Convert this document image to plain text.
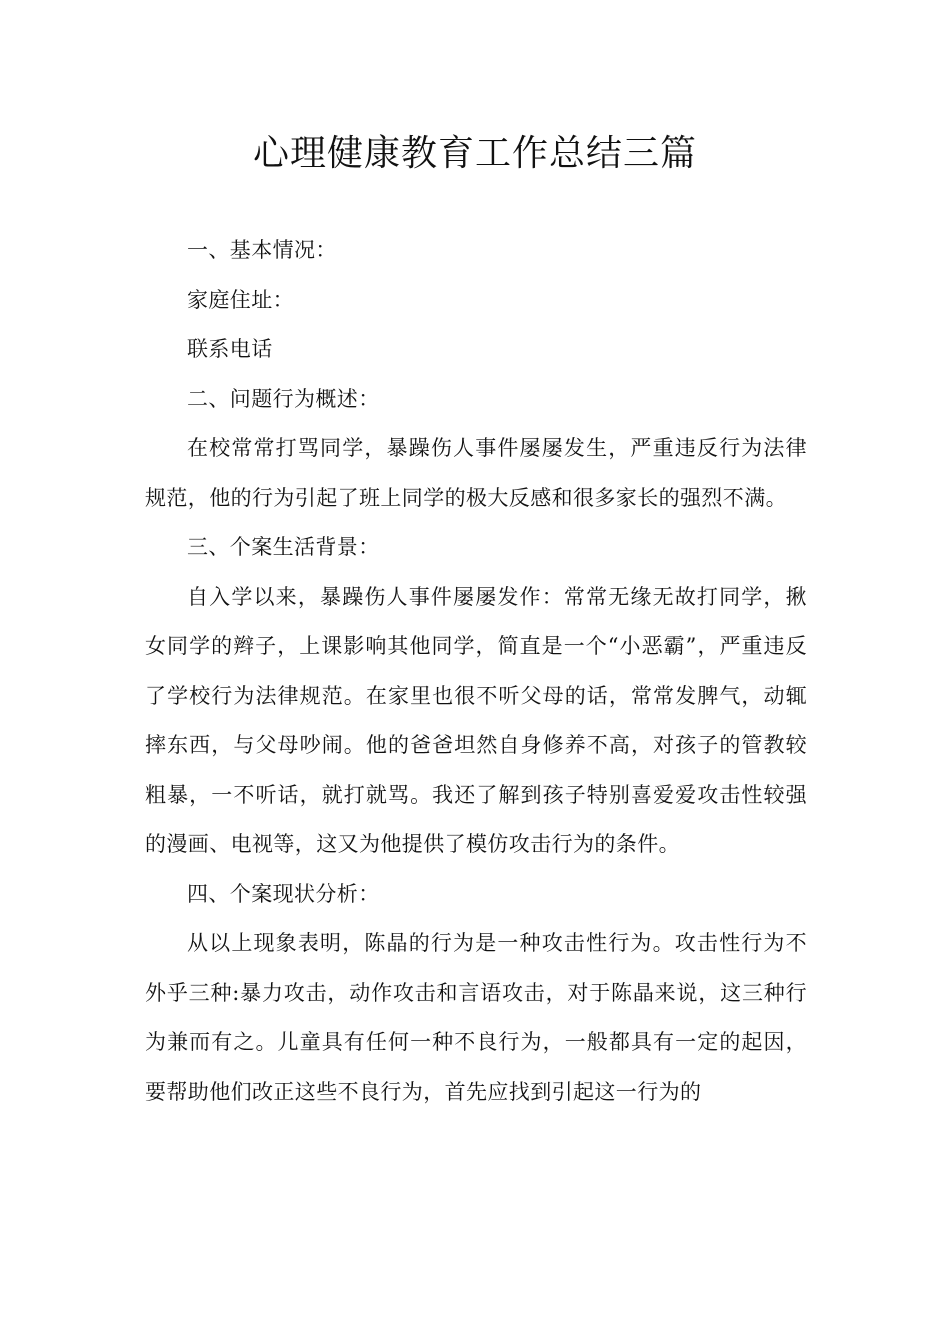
心理健康教育工作总结三篇

一、基本情况：

家庭住址：

联系电话

二、问题行为概述：

在校常常打骂同学，暴躁伤人事件屡屡发生，严重违反行为法律规范，他的行为引起了班上同学的极大反感和很多家长的强烈不满。

三、个案生活背景：

自入学以来，暴躁伤人事件屡屡发作：常常无缘无故打同学，揪女同学的辫子，上课影响其他同学，简直是一个“小恶霸”，严重违反了学校行为法律规范。在家里也很不听父母的话，常常发脾气，动辄摔东西，与父母吵闹。他的爸爸坦然自身修养不高，对孩子的管教较粗暴，一不听话，就打就骂。我还了解到孩子特别喜爱爱攻击性较强的漫画、电视等，这又为他提供了模仿攻击行为的条件。

四、个案现状分析：

从以上现象表明，陈晶的行为是一种攻击性行为。攻击性行为不外乎三种:暴力攻击，动作攻击和言语攻击，对于陈晶来说，这三种行为兼而有之。儿童具有任何一种不良行为，一般都具有一定的起因，要帮助他们改正这些不良行为，首先应找到引起这一行为的
